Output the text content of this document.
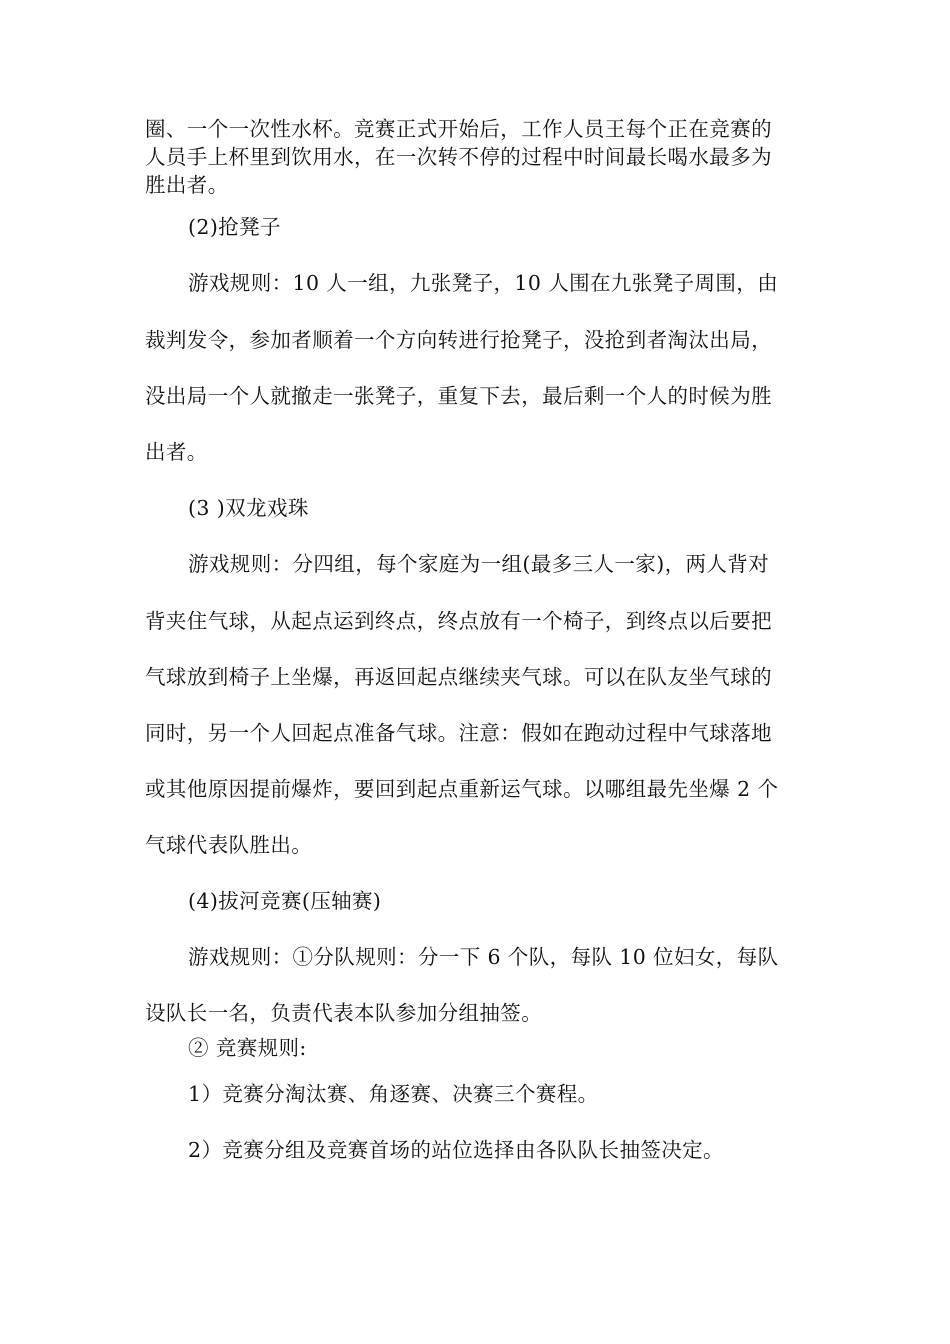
圈、一个一次性水杯。竞赛正式开始后，工作人员王每个正在竞赛的
人员手上杯里到饮用水，在一次转不停的过程中时间最长喝水最多为
胜出者。
(2)抢凳子
游戏规则：10 人一组，九张凳子，10 人围在九张凳子周围，由
裁判发令，参加者顺着一个方向转进行抢凳子，没抢到者淘汰出局，
没出局一个人就撤走一张凳子，重复下去，最后剩一个人的时候为胜
出者。
(3 )双龙戏珠
游戏规则：分四组，每个家庭为一组(最多三人一家)，两人背对
背夹住气球，从起点运到终点，终点放有一个椅子，到终点以后要把
气球放到椅子上坐爆，再返回起点继续夹气球。可以在队友坐气球的
同时，另一个人回起点准备气球。注意：假如在跑动过程中气球落地
或其他原因提前爆炸，要回到起点重新运气球。以哪组最先坐爆 2 个
气球代表队胜出。
(4)拔河竞赛(压轴赛)
游戏规则：①分队规则：分一下 6 个队，每队 10 位妇女，每队
设队长一名，负责代表本队参加分组抽签。
② 竞赛规则:
1）竞赛分淘汰赛、角逐赛、决赛三个赛程。
2）竞赛分组及竞赛首场的站位选择由各队队长抽签决定。
